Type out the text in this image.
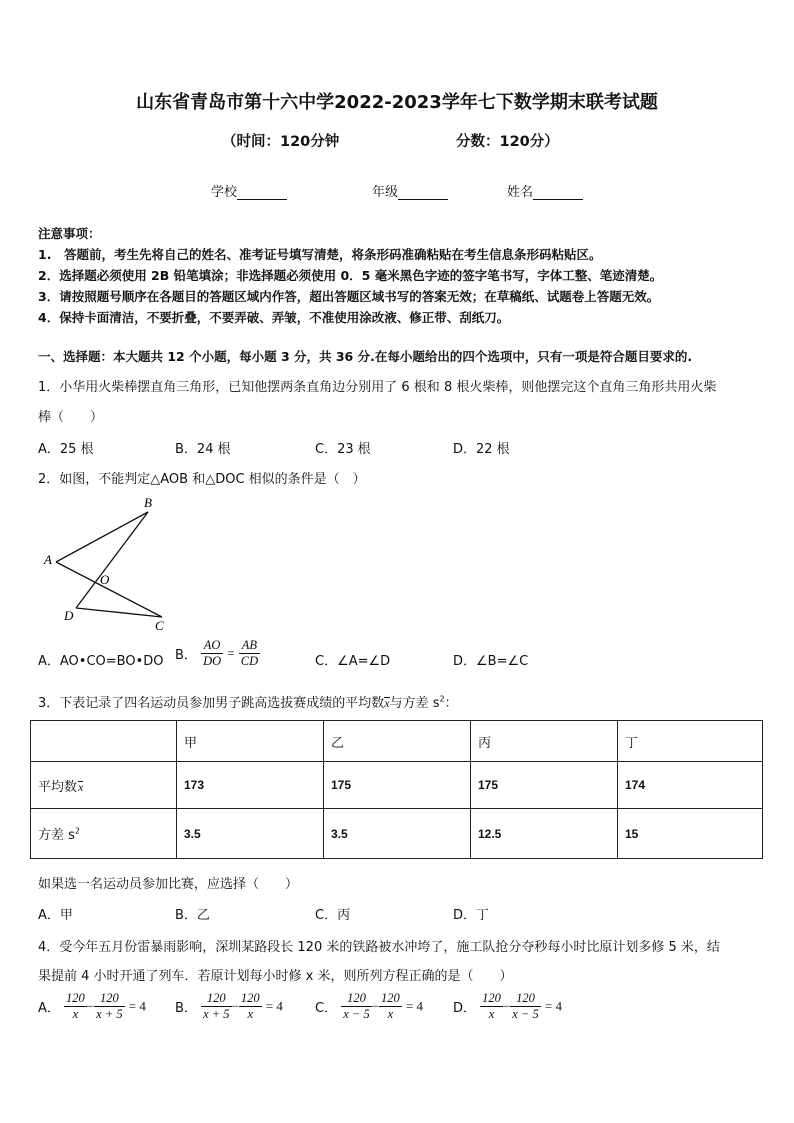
山东省青岛市第十六中学2022-2023学年七下数学期末联考试题
（时间：120分钟	分数：120分）
学校	年级	姓名
注意事项：
1.　答题前，考生先将自己的姓名、准考证号填写清楚，将条形码准确粘贴在考生信息条形码粘贴区。
2．选择题必须使用 2B 铅笔填涂；非选择题必须使用 0．5 毫米黑色字迹的签字笔书写，字体工整、笔迹清楚。
3．请按照题号顺序在各题目的答题区域内作答，超出答题区域书写的答案无效；在草稿纸、试题卷上答题无效。
4．保持卡面清洁，不要折叠，不要弄破、弄皱，不准使用涂改液、修正带、刮纸刀。
一、选择题：本大题共 12 个小题，每小题 3 分，共 36 分.在每小题给出的四个选项中，只有一项是符合题目要求的.
1．小华用火柴棒摆直角三角形，已知他摆两条直角边分别用了 6 根和 8 根火柴棒，则他摆完这个直角三角形共用火柴
棒（　　）
A．25 根	B．24 根	C．23 根	D．22 根
2．如图，不能判定△AOB 和△DOC 相似的条件是（　）
A
B
O
D
C
A．AO•CO=BO•DO B． $\frac{AO}{DO} = \frac{AB}{CD}$	C．∠A=∠D	D．∠B=∠C
3．下表记录了四名运动员参加男子跳高选拔赛成绩的平均数x与方差 $s^2$：
	甲	乙	丙	丁
平均数x	173	175	175	174
方差 $s^2$	3.5	3.5	12.5	15
如果选一名运动员参加比赛，应选择（　　）
A．甲	B．乙	C．丙	D．丁
4．受今年五月份雷暴雨影响，深圳某路段长 120 米的铁路被水冲垮了，施工队抢分夺秒每小时比原计划多修 5 米，结
果提前 4 小时开通了列车．若原计划每小时修 x 米，则所列方程正确的是（　　）
A． $\frac{120}{x} - \frac{120}{x + 5} = 4$ B． $\frac{120}{x + 5} - \frac{120}{x} = 4$ C． $\frac{120}{x - 5} - \frac{120}{x} = 4$ D． $\frac{120}{x} - \frac{120}{x - 5} = 4$
